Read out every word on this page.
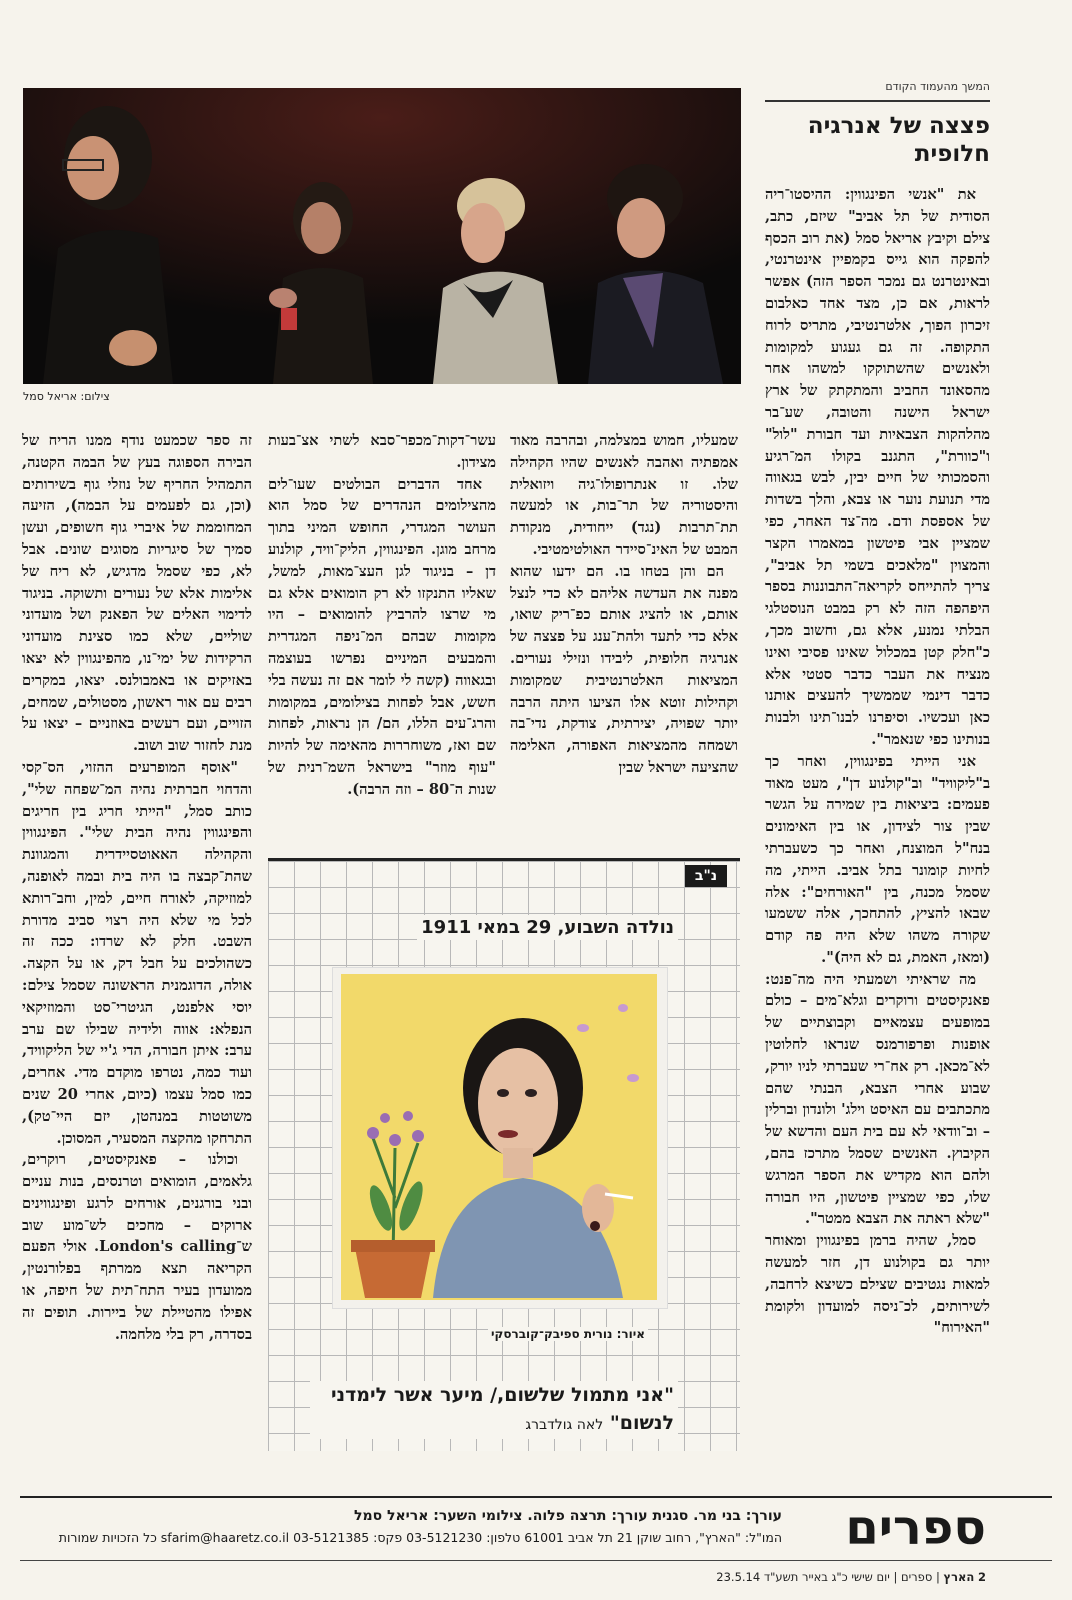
המשך מהעמוד הקודם
פצצה של אנרגיה חלופית

את "אנשי הפינגווין: ההיסטו־ריה הסודית של תל אביב" שיזם, כתב, צילם וקיבץ אריאל סמל (את רוב הכסף להפקה הוא גייס בקמפיין אינטרנטי, ובאינטרנט גם נמכר הספר הזה) אפשר לראות, אם כן, מצד אחד כאלבום זיכרון הפוך, אלטרנטיבי, מתריס לרוח התקופה. זה גם געגוע למקומות ולאנשים שהשתוקקו למשהו אחר מהסאונד החביב והמתקתק של ארץ ישראל הישנה והטובה, שע־בר מהלהקות הצבאיות ועד חבורת "לול" ו"כוורת", התגנב בקולו המ־רגיע והסמכותי של חיים יבין, לבש בגאווה מדי תנועת נוער או צבא, והלך בשדות של אספסת ודם. מה־צד האחר, כפי שמציין אבי פיטשון במאמרו הקצר והמצוין "מלאכים בשמי תל אביב", צריך להתייחס לקריאה־התבוננות בספר היפהפה הזה לא רק במבט הנוסטלגי הבלתי נמנע, אלא גם, וחשוב מכך, כ"חלק קטן במכלול שאינו פסיבי ואינו מנציח את העבר כדבר סטטי אלא כדבר דינמי שממשיך להעצים אותנו כאן ועכשיו. וסיפרנו לבנו־תינו ולבנות בנותינו כפי שנאמר".

אני הייתי בפינגווין, ואחר כך ב"ליקוויד" וב"קולנוע דן", מעט מאוד פעמים: ביציאות בין שמירה על הגשר שבין צור לצידון, או בין האימונים בנח"ל המוצנח, ואחר כך כשעברתי לחיות קומונר בתל אביב. הייתי, מה שסמל מכנה, בין "האורחים": אלה שבאו להציץ, להתחכך, אלה ששמעו שקורה משהו שלא היה פה קודם (ומאז, האמת, גם לא היה)".

מה שראיתי ושמעתי היה מה־פנט: פאנקיסטים ורוקרים וגלא־מים – כולם במופעים עצמאיים וקבוצתיים של אופנות ופרפורמנס שנראו לחלוטין לא־מכאן. רק אח־רי שעברתי לניו יורק, שבוע אחרי הצבא, הבנתי שהם מתכתבים עם האיסט וילג' ולונדון וברלין – וב־וודאי לא עם בית העם והדשא של הקיבוץ. האנשים שסמל מתרכז בהם, ולהם הוא מקדיש את הספר המרגש שלו, כפי שמציין פיטשון, היו חבורה "שלא ראתה את הצבא ממטר".

סמל, שהיה ברמן בפינגווין ומאוחר יותר גם בקולנוע דן, חזר למעשה למאות נגטיבים שצילם כשיצא לרחבה, לשירותים, לכ־ניסה למועדון ולקומת "האירוח"

צילום: אריאל סמל

שמעליו, חמוש במצלמה, ובהרבה מאוד אמפתיה ואהבה לאנשים שהיו הקהילה שלו. זו אנתרופולו־גיה ויזואלית והיסטוריה של תר־בות, או למעשה תת־תרבות (נגד) ייחודית, מנקודת המבט של האינ־סיידר האולטימטיבי.

הם והן בטחו בו. הם ידעו שהוא מפנה את העדשה אליהם לא כדי לנצל אותם, או להציג אותם כפ־ריק שואו, אלא כדי לתעד ולהת־ענג על פצצה של אנרגיה חלופית, ליבידו ונזילי נעורים. המציאות האלטרנטיבית שמקומות וקהילות זוטא אלו הציעו היתה הרבה יותר שפויה, יצירתית, צודקת, נדי־בה ושמחה מהמציאות האפורה, האלימה שהציעה ישראל שבין

עשר־דקות־מכפר־סבא לשתי אצ־בעות מצידון.

אחד הדברים הבולטים שעו־לים מהצילומים הנהדרים של סמל הוא העושר המגדרי, החופש המיני בתוך מרחב מוגן. הפינגווין, הליק־וויד, קולנוע דן – בניגוד לגן העצ־מאות, למשל, שאליו התנקזו לא רק הומואים אלא גם מי שרצו להרביץ להומואים – היו מקומות שבהם המ־ניפה המגדרית והמבעים המיניים נפרשו בעוצמה ובגאווה (קשה לי לומר אם זה נעשה בלי חשש, אבל לפחות בצילומים, במקומות והרג־עים הללו, הם/ הן נראות, לפחות שם ואז, משוחררות מהאימה של להיות "עוף מוזר" בישראל השמ־רנית של שנות ה־80 – וזה הרבה).

זה ספר שכמעט נודף ממנו הריח של הבירה הספוגה בעץ של הבמה הקטנה, התמהיל החריף של נוזלי גוף בשירותים (וכן, גם לפעמים על הבמה), הזיעה המחוממת של איברי גוף חשופים, ועשן סמיך של סיגריות מסוגים שונים. אבל לא, כפי שסמל מדגיש, לא ריח של אלימות אלא של נעורים ותשוקה. בניגוד לדימוי האלים של הפאנק ושל מועדוני שוליים, שלא כמו סצינת מועדוני הרקידות של ימי־נו, מהפינגווין לא יצאו באזיקים או באמבולנס. יצאו, במקרים רבים עם אור ראשון, מסטולים, שמחים, הזויים, ועם רעשים באוזניים – יצאו על מנת לחזור שוב ושוב.

"אוסף המופרעים ההזוי, הס־קסי והדחוי חברתית נהיה המ־שפחה שלי", כותב סמל, "הייתי חריג בין חריגים והפינגווין נהיה הבית שלי". הפינגווין והקהילה האאוטסיידרית והמגוונת שהת־קבצה בו היה בית ובמה לאופנה, למוזיקה, לאורח חיים, למין, וחב־רותא לכל מי שלא היה רצוי סביב מדורת השבט. חלק לא שרדו: ככה זה כשהולכים על חבל דק, או על הקצה. אולה, הדוגמנית הראשונה שסמל צילם: יוסי אלפנט, הגיטרי־סט והמוזיקאי הנפלא: אווה ולידיה שבילו שם ערב ערב: איתן חבורה, הדי ג'יי של הליקוויד, ועוד כמה, נטרפו מוקדם מדי. אחרים, כמו סמל עצמו (כיום, אחרי 20 שנים משוטטות במנהטן, יזם היי־טק), התרחקו מהקצה המסעיר, המסוכן.

וכולנו – פאנקיסטים, רוקרים, גלאמים, הומואים וטרנסים, בנות עניים ובני בורגנים, אורחים לרגע ופינגווינים ארוקים – מחכים לש־מוע שוב ש־London's calling. אולי הפעם הקריאה תצא ממרתף בפלורנטין, ממועדון בעיר התח־תית של חיפה, או אפילו מהטיילת של ביירות. תופים זה בסדרה, רק בלי מלחמה.

נ"ב
נולדה השבוע, 29 במאי 1911
איור: נורית ספיבק־קוברסקי
"אני מתמול שלשום,/ מיער אשר לימדני לנשום" לאה גולדברג
ספרים
עורך: בני מר. סגנית עורך: תרצה פלוה. צילומי השער: אריאל סמל
המו"ל: "הארץ", רחוב שוקן 21 תל אביב 61001 טלפון: 03-5121230 פקס: 03-5121385 sfarim@haaretz.co.il כל הזכויות שמורות
2 הארץ | ספרים | יום שישי כ"ג באייר תשע"ד 23.5.14
